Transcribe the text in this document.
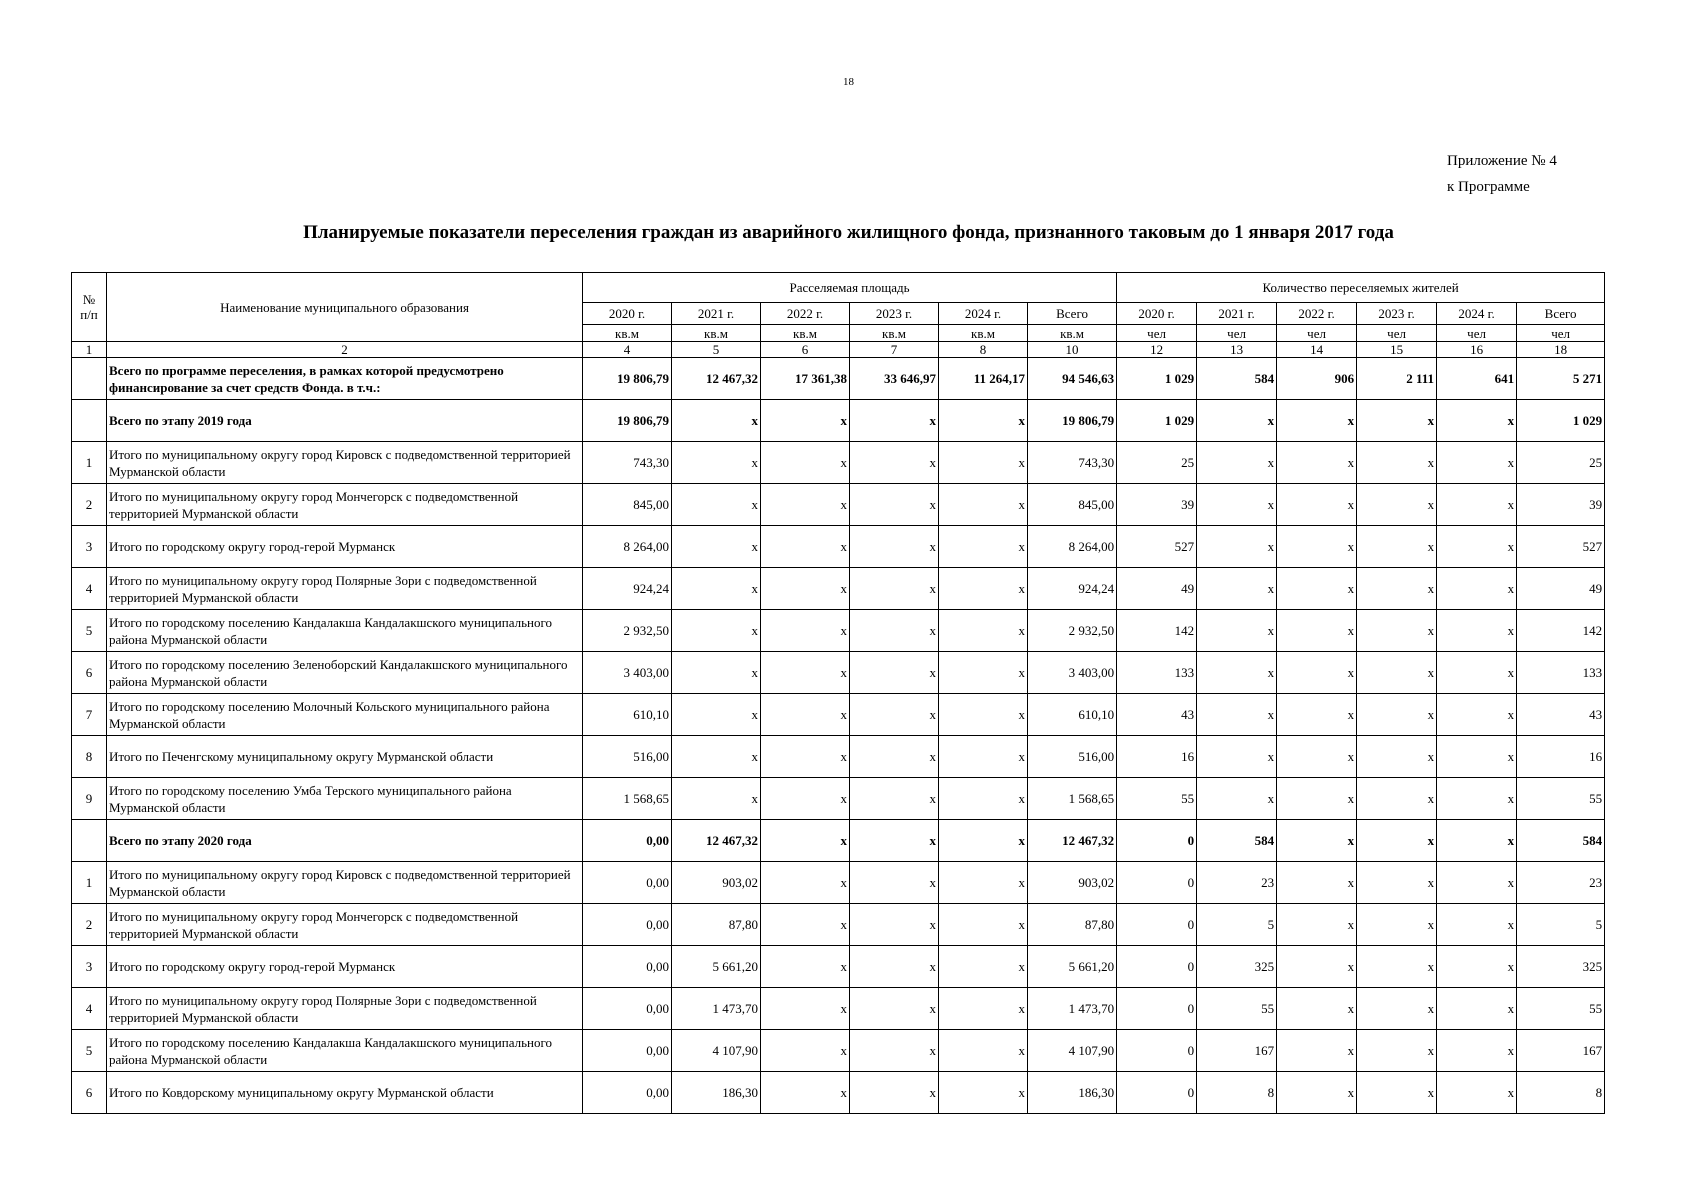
18
Приложение № 4
к Программе
Планируемые показатели переселения граждан из аварийного жилищного фонда, признанного таковым до 1 января 2017 года
№
п/п	Наименование муниципального образования	Расселяемая площадь						Количество переселяемых жителей					
		2020 г.	2021 г.	2022 г.	2023 г.	2024 г.	Всего	2020 г.	2021 г.	2022 г.	2023 г.	2024 г.	Всего
		кв.м	кв.м	кв.м	кв.м	кв.м	кв.м	чел	чел	чел	чел	чел	чел
1	2	4	5	6	7	8	10	12	13	14	15	16	18
	Всего по программе переселения, в рамках которой предусмотрено финансирование за счет средств Фонда. в т.ч.:	19 806,79	12 467,32	17 361,38	33 646,97	11 264,17	94 546,63	1 029	584	906	2 111	641	5 271
	Всего по этапу 2019 года	19 806,79	x	x	x	x	19 806,79	1 029	x	x	x	x	1 029
1	Итого по муниципальному округу город Кировск с подведомственной территорией Мурманской области	743,30	x	x	x	x	743,30	25	x	x	x	x	25
2	Итого по муниципальному округу город Мончегорск с подведомственной территорией Мурманской области	845,00	x	x	x	x	845,00	39	x	x	x	x	39
3	Итого по городскому округу город-герой Мурманск	8 264,00	x	x	x	x	8 264,00	527	x	x	x	x	527
4	Итого по муниципальному округу город Полярные Зори с подведомственной территорией Мурманской области	924,24	x	x	x	x	924,24	49	x	x	x	x	49
5	Итого по городскому поселению Кандалакша Кандалакшского муниципального района Мурманской области	2 932,50	x	x	x	x	2 932,50	142	x	x	x	x	142
6	Итого по городскому поселению Зеленоборский Кандалакшского муниципального района Мурманской области	3 403,00	x	x	x	x	3 403,00	133	x	x	x	x	133
7	Итого по городскому поселению Молочный Кольского муниципального района Мурманской области	610,10	x	x	x	x	610,10	43	x	x	x	x	43
8	Итого по Печенгскому муниципальному округу Мурманской области	516,00	x	x	x	x	516,00	16	x	x	x	x	16
9	Итого по городскому поселению Умба Терского муниципального района Мурманской области	1 568,65	x	x	x	x	1 568,65	55	x	x	x	x	55
	Всего по этапу 2020 года	0,00	12 467,32	x	x	x	12 467,32	0	584	x	x	x	584
1	Итого по муниципальному округу город Кировск с подведомственной территорией Мурманской области	0,00	903,02	x	x	x	903,02	0	23	x	x	x	23
2	Итого по муниципальному округу город Мончегорск с подведомственной территорией Мурманской области	0,00	87,80	x	x	x	87,80	0	5	x	x	x	5
3	Итого по городскому округу город-герой Мурманск	0,00	5 661,20	x	x	x	5 661,20	0	325	x	x	x	325
4	Итого по муниципальному округу город Полярные Зори с подведомственной территорией Мурманской области	0,00	1 473,70	x	x	x	1 473,70	0	55	x	x	x	55
5	Итого по городскому поселению Кандалакша Кандалакшского муниципального района Мурманской области	0,00	4 107,90	x	x	x	4 107,90	0	167	x	x	x	167
6	Итого по Ковдорскому муниципальному округу Мурманской области	0,00	186,30	x	x	x	186,30	0	8	x	x	x	8
